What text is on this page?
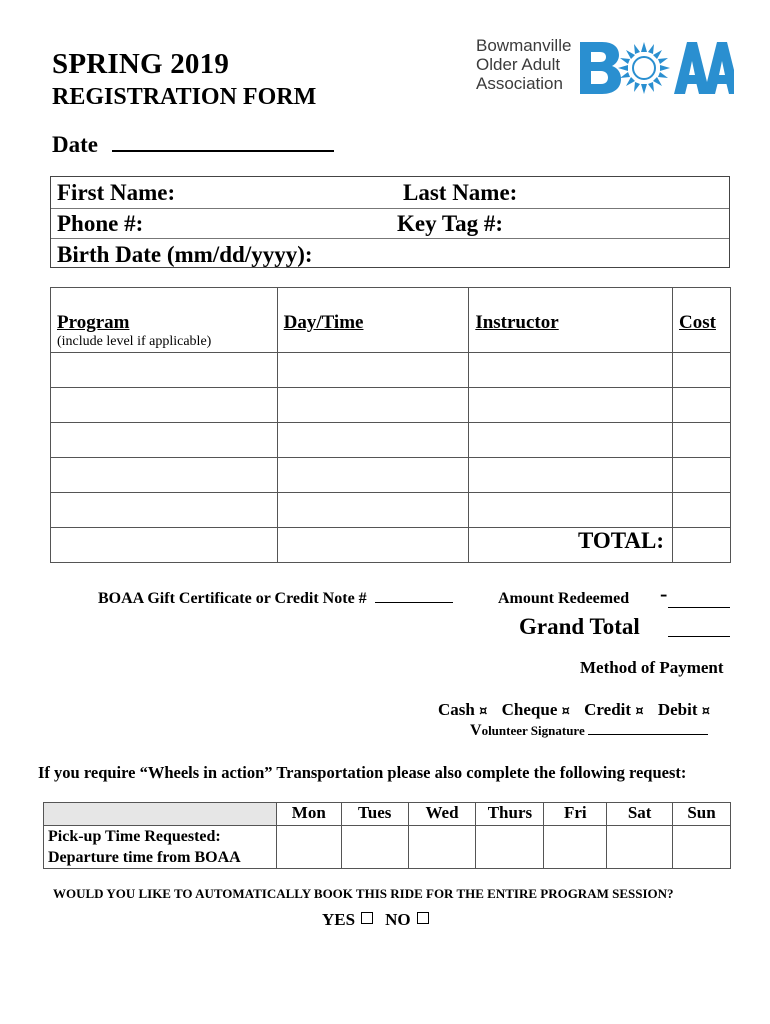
SPRING 2019
REGISTRATION FORM
Date
Bowmanville
Older Adult
Association
First Name:	Last Name:
Phone #:	Key Tag #:
Birth Date (mm/dd/yyyy):
Program
(include level if applicable)	Day/Time	Instructor	Cost

		TOTAL:	
BOAA Gift Certificate or Credit Note #	Amount Redeemed -
Grand Total
Method of Payment
Cash ¤ Cheque ¤ Credit ¤ Debit ¤
Volunteer Signature
If you require “Wheels in action” Transportation please also complete the following request:
	Mon	Tues	Wed	Thurs	Fri	Sat	Sun

Pick-up Time Requested:
Departure time from BOAA							

WOULD YOU LIKE TO AUTOMATICALLY BOOK THIS RIDE FOR THE ENTIRE PROGRAM SESSION?
YES NO
